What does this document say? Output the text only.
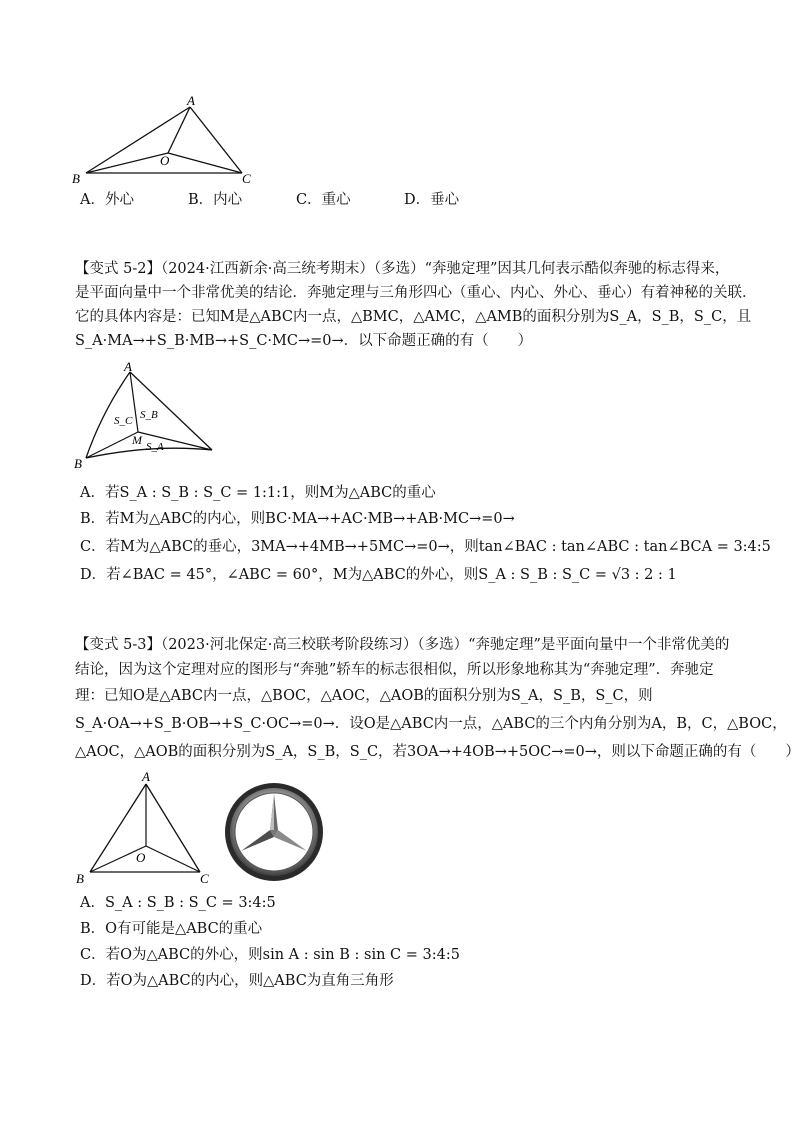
A
B	C
O
A．外心	B．内心	C．重心	D．垂心
【变式 5-2】（2024·江西新余·高三统考期末）（多选）“奔驰定理”因其几何表示酷似奔驰的标志得来，
是平面向量中一个非常优美的结论．奔驰定理与三角形四心（重心、内心、外心、垂心）有着神秘的关联．
它的具体内容是：已知M是△ABC内一点，△BMC，△AMC，△AMB的面积分别为S_A，S_B，S_C，且
S_A·MA→+S_B·MB→+S_C·MC→=0→．以下命题正确的有（　　）
A
B
M
S_C S_B
S_A
A．若S_A : S_B : S_C = 1:1:1，则M为△ABC的重心
B．若M为△ABC的内心，则BC·MA→+AC·MB→+AB·MC→=0→
C．若M为△ABC的垂心，3MA→+4MB→+5MC→=0→，则tan∠BAC : tan∠ABC : tan∠BCA = 3:4:5
D．若∠BAC = 45°，∠ABC = 60°，M为△ABC的外心，则S_A : S_B : S_C = √3 : 2 : 1
【变式 5-3】（2023·河北保定·高三校联考阶段练习）（多选）“奔驰定理”是平面向量中一个非常优美的
结论，因为这个定理对应的图形与“奔驰”轿车的标志很相似，所以形象地称其为“奔驰定理”．奔驰定
理：已知O是△ABC内一点，△BOC，△AOC，△AOB的面积分别为S_A，S_B，S_C，则
S_A·OA→+S_B·OB→+S_C·OC→=0→．设O是△ABC内一点，△ABC的三个内角分别为A，B，C，△BOC，
△AOC，△AOB的面积分别为S_A，S_B，S_C，若3OA→+4OB→+5OC→=0→，则以下命题正确的有（　　）
A
B	C
O
A．S_A : S_B : S_C = 3:4:5
B．O有可能是△ABC的重心
C．若O为△ABC的外心，则sin A : sin B : sin C = 3:4:5
D．若O为△ABC的内心，则△ABC为直角三角形
